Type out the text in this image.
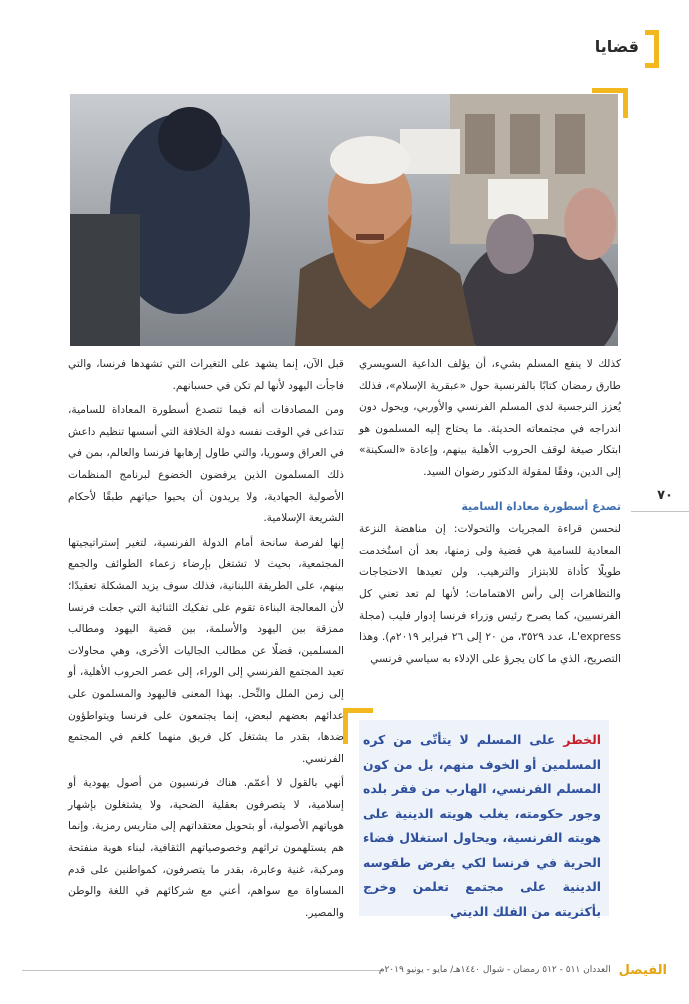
قضايا
٧٠

كذلك لا ينفع المسلم بشيء، أن يؤلف الداعية السويسري طارق رمضان كتابًا بالفرنسية حول «عبقرية الإسلام»، فذلك يُعزز النرجسية لدى المسلم الفرنسي والأوربي، ويحول دون اندراجه في مجتمعاته الحديثة. ما يحتاج إليه المسلمون هو ابتكار صيغة لوقف الحروب الأهلية بينهم، وإعادة «السكينة» إلى الدين، وفقًا لمقولة الدكتور رضوان السيد.

تصدع أسطورة معاداة السامية

لنحسن قراءة المجريات والتحولات: إن مناهضة النزعة المعادية للسامية هي قضية ولى زمنها، بعد أن استُخدمت طويلًا كأداة للابتزاز والترهيب. ولن تعيدها الاحتجاجات والتظاهرات إلى رأس الاهتمامات؛ لأنها لم تعد تعني كل الفرنسيين، كما يصرح رئيس وزراء فرنسا إدوار فليب (مجلة L'express، عدد ٣٥٢٩، من ٢٠ إلى ٢٦ فبراير ٢٠١٩م). وهذا التصريح، الذي ما كان يجرؤ على الإدلاء به سياسي فرنسي

الخطر على المسلم لا يتأتّى من كره المسلمين أو الخوف منهم، بل من كون المسلم الفرنسي، الهارب من فقر بلده وجور حكومته، يغلب هويته الدينية على هويته الفرنسية، ويحاول استغلال فضاء الحرية في فرنسا لكي يفرض طقوسه الدينية على مجتمع تعلمن وخرج بأكثريته من الفلك الديني

قبل الآن، إنما يشهد على التغيرات التي تشهدها فرنسا، والتي فاجأت اليهود لأنها لم تكن في حسبانهم.

ومن المصادفات أنه فيما تتصدع أسطورة المعاداة للسامية، تتداعى في الوقت نفسه دولة الخلافة التي أسسها تنظيم داعش في العراق وسوريا، والتي طاول إرهابها فرنسا والعالم، بمن في ذلك المسلمون الذين يرفضون الخضوع لبرنامج المنظمات الأصولية الجهادية، ولا يريدون أن يحيوا حياتهم طبقًا لأحكام الشريعة الإسلامية.

إنها لفرصة سانحة أمام الدولة الفرنسية، لتغير إستراتيجيتها المجتمعية، بحيث لا تشتغل بإرضاء زعماء الطوائف والجمع بينهم، على الطريقة اللبنانية، فذلك سوف يزيد المشكلة تعقيدًا؛ لأن المعالجة البناءة تقوم على تفكيك الثنائية التي جعلت فرنسا ممزقة بين اليهود والأسلمة، بين قضية اليهود ومطالب المسلمين، فضلًا عن مطالب الجاليات الأخرى، وهي محاولات تعيد المجتمع الفرنسي إلى الوراء، إلى عصر الحروب الأهلية، أو إلى زمن الملل والنِّحل. بهذا المعنى فاليهود والمسلمون على عدائهم بعضهم لبعض، إنما يجتمعون على فرنسا ويتواطؤون ضدها، بقدر ما يشتغل كل فريق منهما كلغم في المجتمع الفرنسي.

أنهي بالقول لا أعمّم. هناك فرنسيون من أصول يهودية أو إسلامية، لا يتصرفون بعقلية الضحية، ولا يشتغلون بإشهار هوياتهم الأصولية، أو بتحويل معتقداتهم إلى متاريس رمزية. وإنما هم يستلهمون تراثهم وخصوصياتهم الثقافية، لبناء هوية منفتحة ومركبة، غنية وعابرة، بقدر ما يتصرفون، كمواطنين على قدم المساواة مع سواهم، أعني مع شركائهم في اللغة والوطن والمصير.

الفيصل
العددان ٥١١ - ٥١٢ رمضان - شوال ١٤٤٠هـ/ مايو - يونيو ٢٠١٩م
